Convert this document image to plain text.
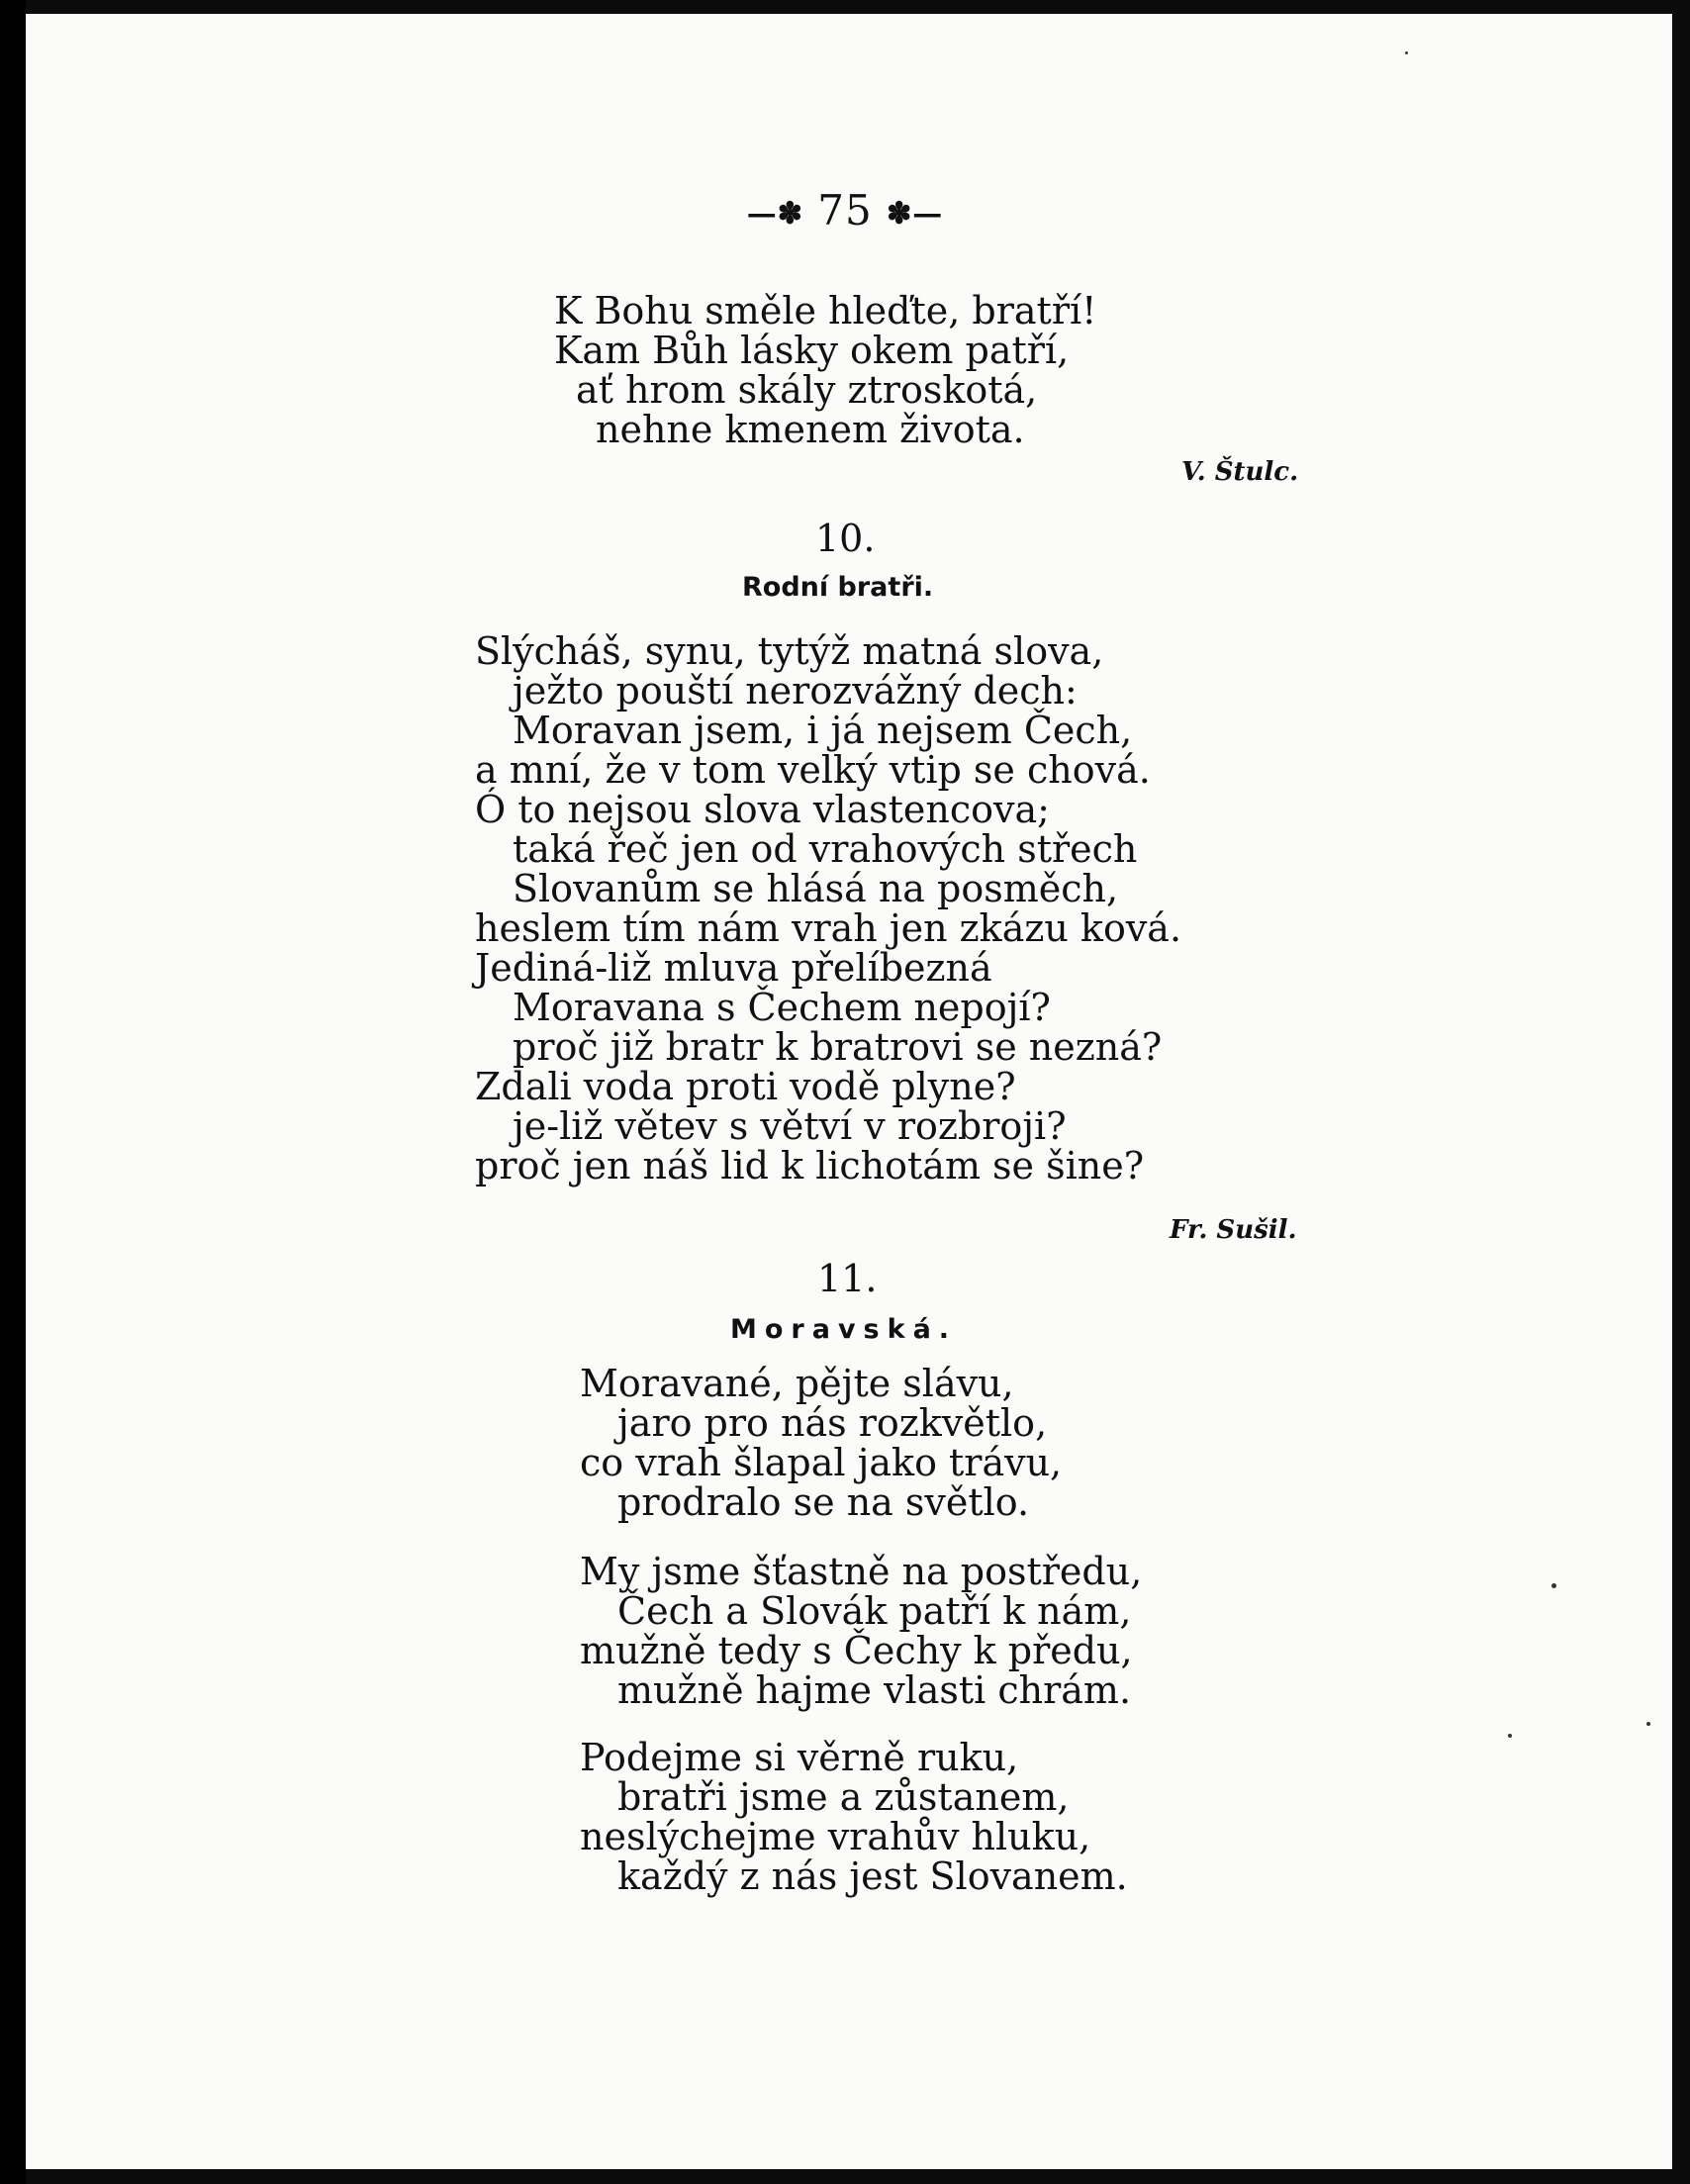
—✽ 75 ✽—

K Bohu směle hleďte, bratří!

Kam Bůh lásky okem patří,

ať hrom skály ztroskotá,

nehne kmenem života.

V. Štulc.

10.

Rodní bratři.

Slýcháš, synu, tytýž matná slova,

ježto pouští nerozvážný dech:

Moravan jsem, i já nejsem Čech,

a mní, že v tom velký vtip se chová.

Ó to nejsou slova vlastencova;

taká řeč jen od vrahových střech

Slovanům se hlásá na posměch,

heslem tím nám vrah jen zkázu ková.

Jediná-liž mluva přelíbezná

Moravana s Čechem nepojí?

proč již bratr k bratrovi se nezná?

Zdali voda proti vodě plyne?

je-liž větev s větví v rozbroji?

proč jen náš lid k lichotám se šine?

Fr. Sušil.

11.

Moravská.

Moravané, pějte slávu,

jaro pro nás rozkvětlo,

co vrah šlapal jako trávu,

prodralo se na světlo.

My jsme šťastně na postředu,

Čech a Slovák patří k nám,

mužně tedy s Čechy k předu,

mužně hajme vlasti chrám.

Podejme si věrně ruku,

bratři jsme a zůstanem,

neslýchejme vrahův hluku,

každý z nás jest Slovanem.
